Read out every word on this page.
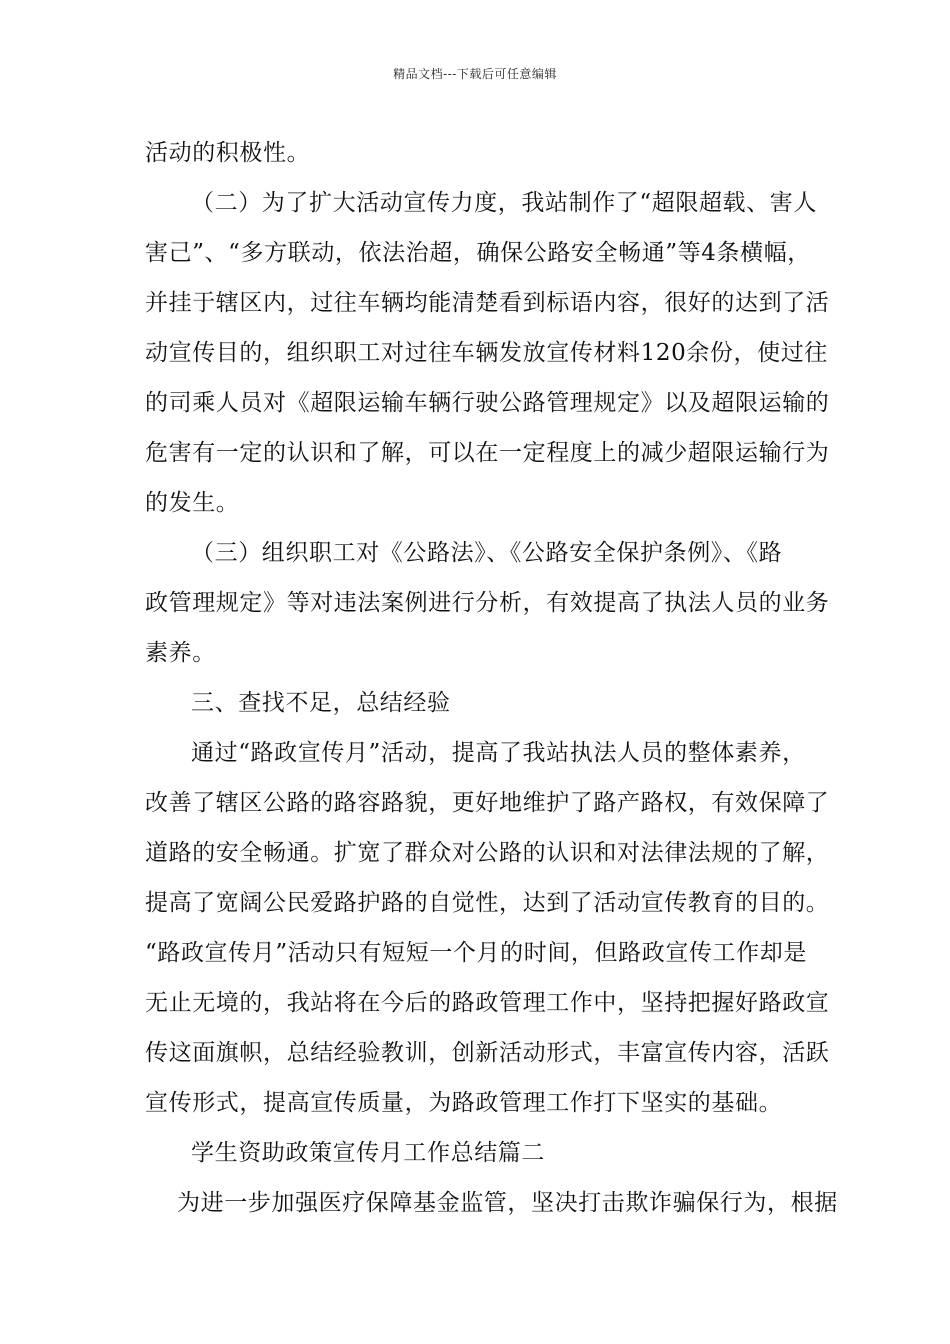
精品文档---下载后可任意编辑
活动的积极性。
（二）为了扩大活动宣传力度，我站制作了“超限超载、害人
害己”、“多方联动，依法治超，确保公路安全畅通”等4条横幅，
并挂于辖区内，过往车辆均能清楚看到标语内容，很好的达到了活
动宣传目的，组织职工对过往车辆发放宣传材料120余份，使过往
的司乘人员对《超限运输车辆行驶公路管理规定》以及超限运输的
危害有一定的认识和了解，可以在一定程度上的减少超限运输行为
的发生。
（三）组织职工对《公路法》、《公路安全保护条例》、《路
政管理规定》等对违法案例进行分析，有效提高了执法人员的业务
素养。
三、查找不足，总结经验
通过“路政宣传月”活动，提高了我站执法人员的整体素养，
改善了辖区公路的路容路貌，更好地维护了路产路权，有效保障了
道路的安全畅通。扩宽了群众对公路的认识和对法律法规的了解，
提高了宽阔公民爱路护路的自觉性，达到了活动宣传教育的目的。
“路政宣传月”活动只有短短一个月的时间，但路政宣传工作却是
无止无境的，我站将在今后的路政管理工作中，坚持把握好路政宣
传这面旗帜，总结经验教训，创新活动形式，丰富宣传内容，活跃
宣传形式，提高宣传质量，为路政管理工作打下坚实的基础。
学生资助政策宣传月工作总结篇二
为进一步加强医疗保障基金监管，坚决打击欺诈骗保行为，根据
